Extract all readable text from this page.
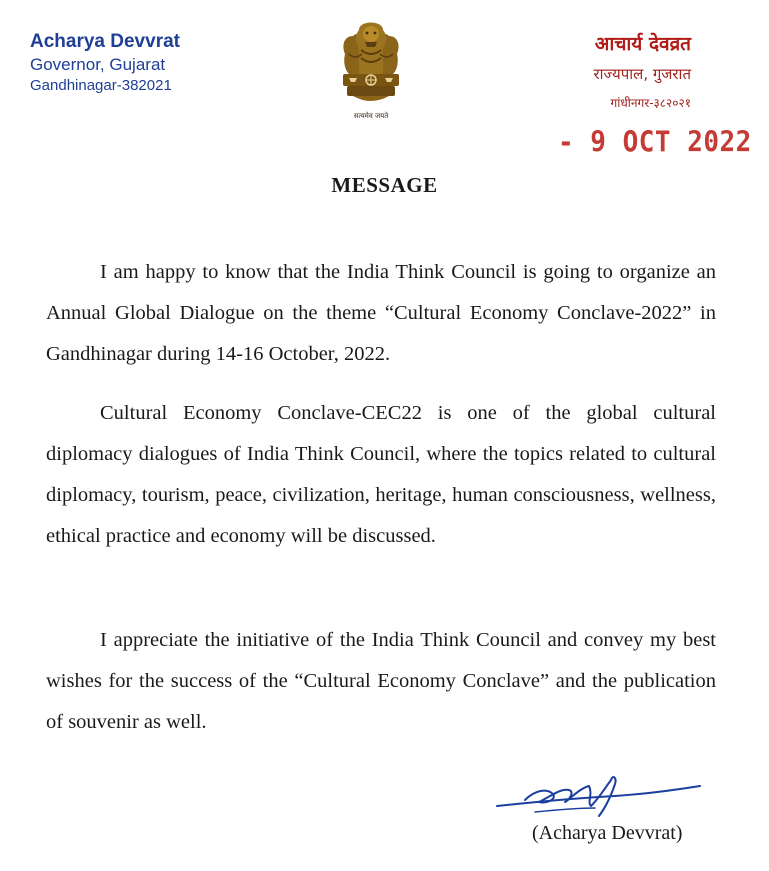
Acharya Devvrat
Governor, Gujarat
Gandhinagar-382021
सत्यमेव जयते
आचार्य देवव्रत
राज्यपाल, गुजरात
गांधीनगर-३८२०२१
- 9 OCT 2022
MESSAGE

I am happy to know that the India Think Council is going to organize an Annual Global Dialogue on the theme “Cultural Economy Conclave-2022” in Gandhinagar during 14-16 October, 2022.

Cultural Economy Conclave-CEC22 is one of the global cultural diplomacy dialogues of India Think Council, where the topics related to cultural diplomacy, tourism, peace, civilization, heritage, human consciousness, wellness, ethical practice and economy will be discussed.

I appreciate the initiative of the India Think Council and convey my best wishes for the success of the “Cultural Economy Conclave” and the publication of souvenir as well.

(Acharya Devvrat)
